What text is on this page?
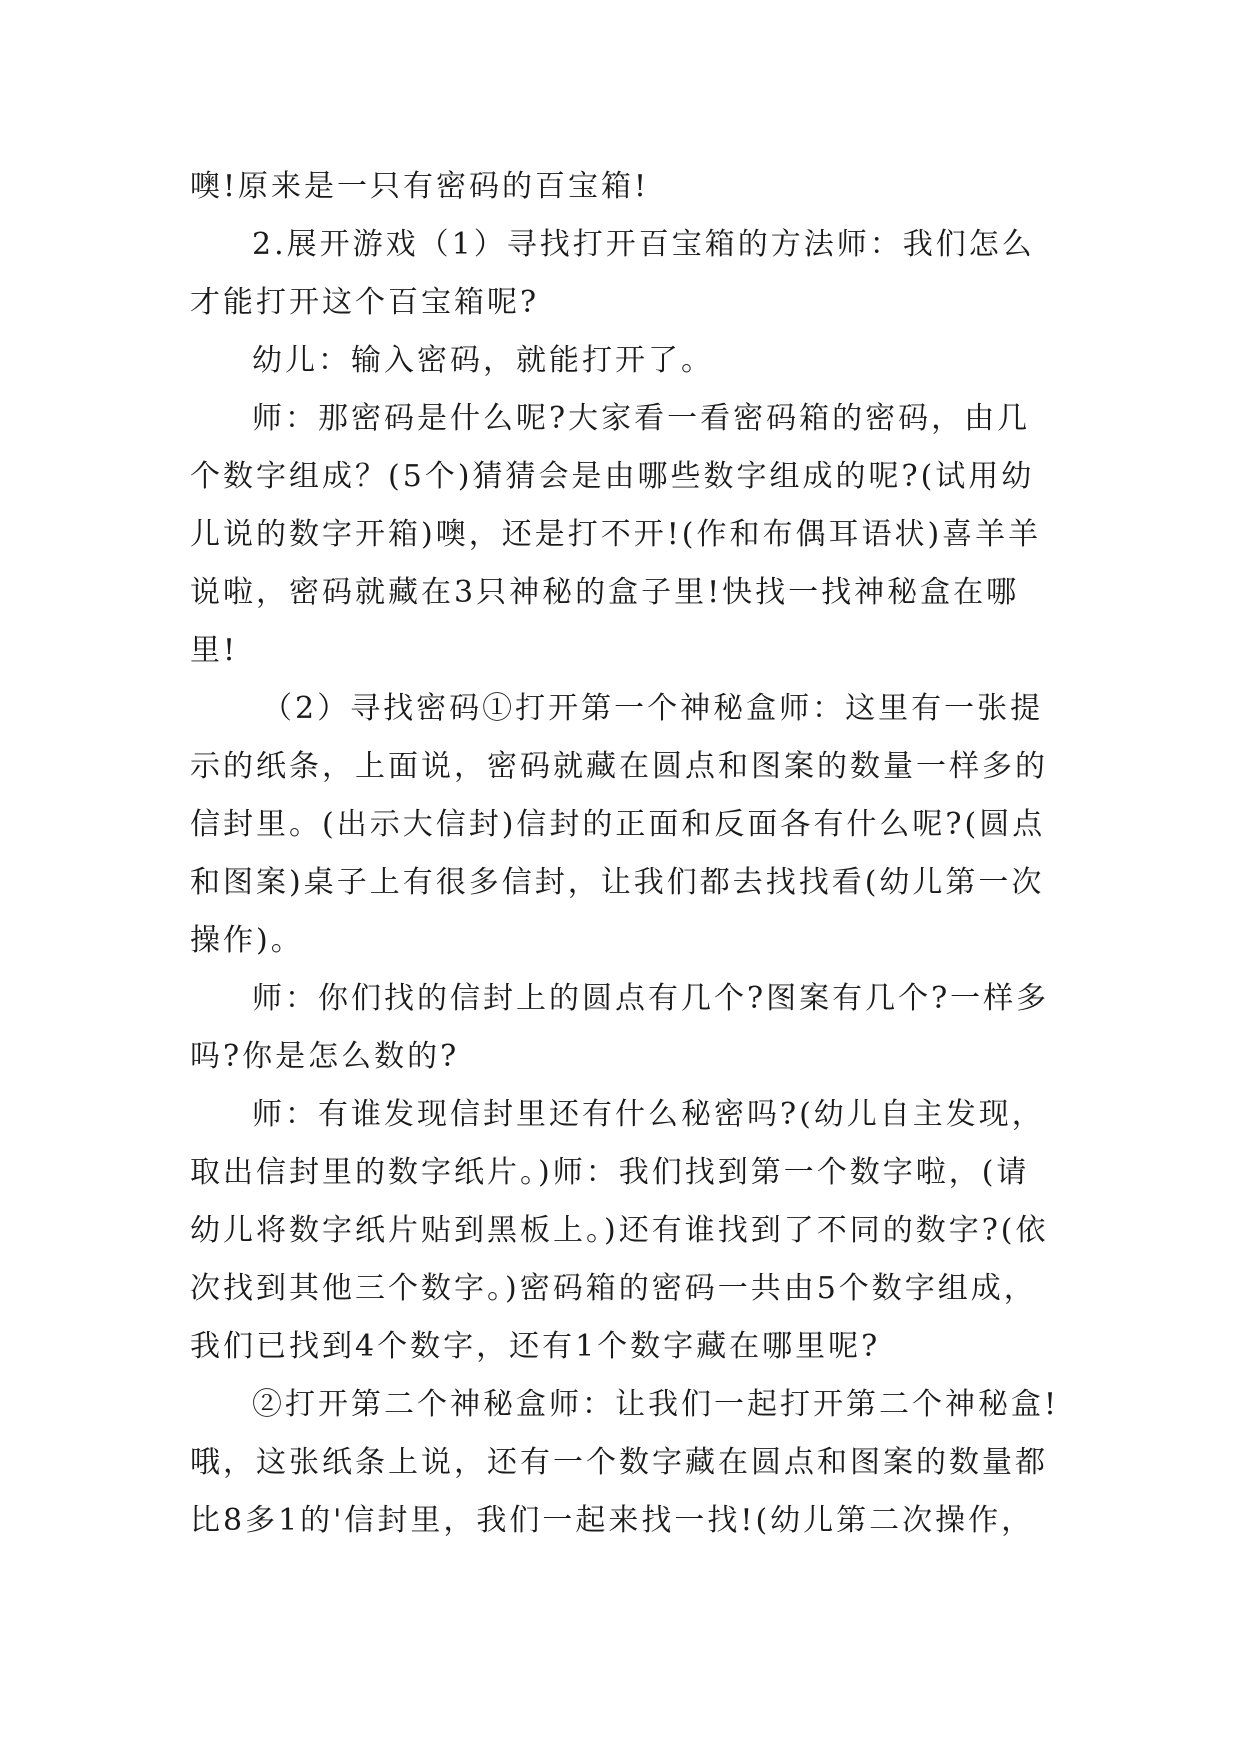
噢!原来是一只有密码的百宝箱!

2.展开游戏（1）寻找打开百宝箱的方法师：我们怎么才能打开这个百宝箱呢?

幼儿：输入密码，就能打开了。

师：那密码是什么呢?大家看一看密码箱的密码，由几个数字组成？(5个)猜猜会是由哪些数字组成的呢?(试用幼儿说的数字开箱)噢，还是打不开!(作和布偶耳语状)喜羊羊说啦，密码就藏在3只神秘的盒子里!快找一找神秘盒在哪里!

（2）寻找密码①打开第一个神秘盒师：这里有一张提示的纸条，上面说，密码就藏在圆点和图案的数量一样多的信封里。(出示大信封)信封的正面和反面各有什么呢?(圆点和图案)桌子上有很多信封，让我们都去找找看(幼儿第一次操作)。

师：你们找的信封上的圆点有几个?图案有几个?一样多吗?你是怎么数的?

师：有谁发现信封里还有什么秘密吗?(幼儿自主发现，取出信封里的数字纸片。)师：我们找到第一个数字啦，(请幼儿将数字纸片贴到黑板上。)还有谁找到了不同的数字?(依次找到其他三个数字。)密码箱的密码一共由5个数字组成，我们已找到4个数字，还有1个数字藏在哪里呢?

②打开第二个神秘盒师：让我们一起打开第二个神秘盒!哦，这张纸条上说，还有一个数字藏在圆点和图案的数量都比8多1的'信封里，我们一起来找一找!(幼儿第二次操作，
